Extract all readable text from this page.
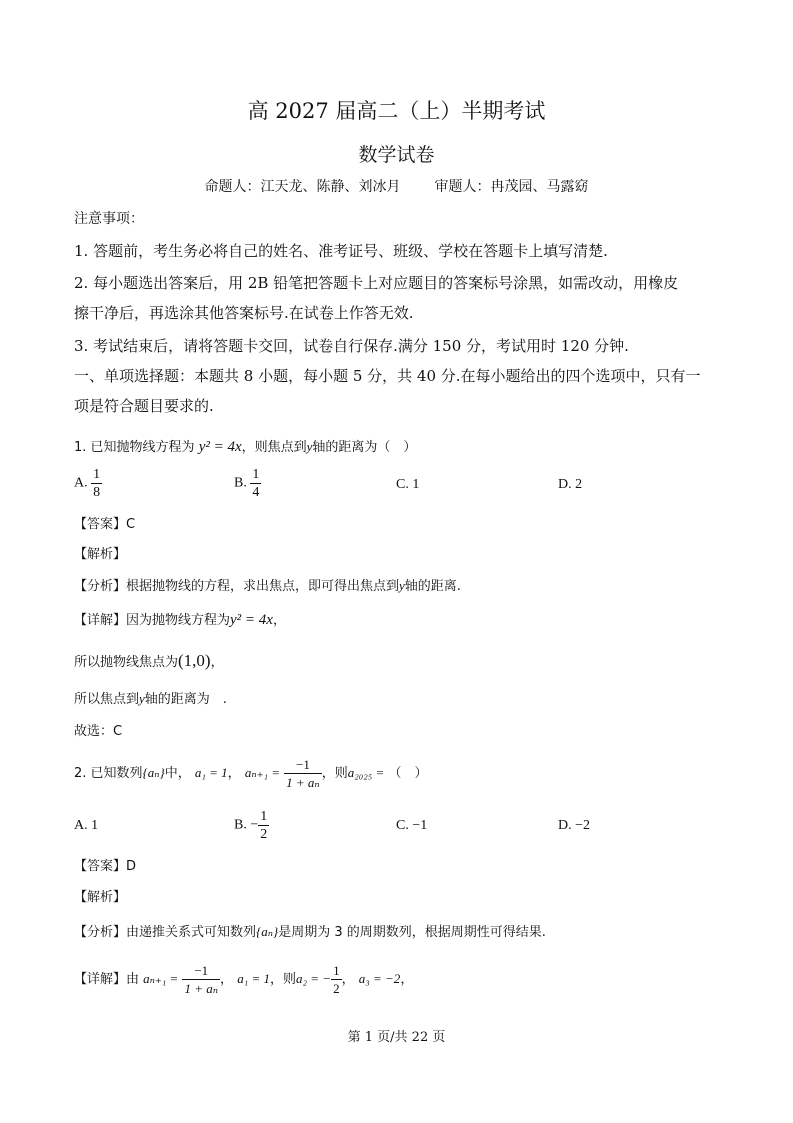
高 2027 届高二（上）半期考试
数学试卷
命题人：江天龙、陈静、刘冰月 审题人：冉茂园、马露窈
注意事项：
1. 答题前，考生务必将自己的姓名、准考证号、班级、学校在答题卡上填写清楚.
2. 每小题选出答案后，用 2B 铅笔把答题卡上对应题目的答案标号涂黑，如需改动，用橡皮
擦干净后，再选涂其他答案标号.在试卷上作答无效.
3. 考试结束后，请将答题卡交回，试卷自行保存.满分 150 分，考试用时 120 分钟.
一、单项选择题：本题共 8 小题，每小题 5 分，共 40 分.在每小题给出的四个选项中，只有一
项是符合题目要求的.
1. 已知抛物线方程为 y² = 4x，则焦点到y轴的距离为（　）
A. $\frac{1}{8}$	B. $\frac{1}{4}$	C. 1	D. 2
【答案】C
【解析】
【分析】根据抛物线的方程，求出焦点，即可得出焦点到y轴的距离.
【详解】因为抛物线方程为y² = 4x，
所以抛物线焦点为(1,0)，
所以焦点到y轴的距离为　.
故选：C
2. 已知数列{aₙ}中， a₁ = 1， $a_{n+1} = \frac{-1}{\text{1 + aₙ}}$ ，则a₂₀₂₅ = （　）
A. 1	B. − $\frac{1}{2}$	C. −1	D. −2
【答案】D
【解析】
【分析】由递推关系式可知数列{aₙ}是周期为 3 的周期数列，根据周期性可得结果.
【详解】由 $a_{n+1} = \frac{-1}{\text{1 + aₙ}}$ ， a₁ = 1，则a₂ = − $\frac{1}{2}$ ， a₃ = −2，
第 1 页/共 22 页
